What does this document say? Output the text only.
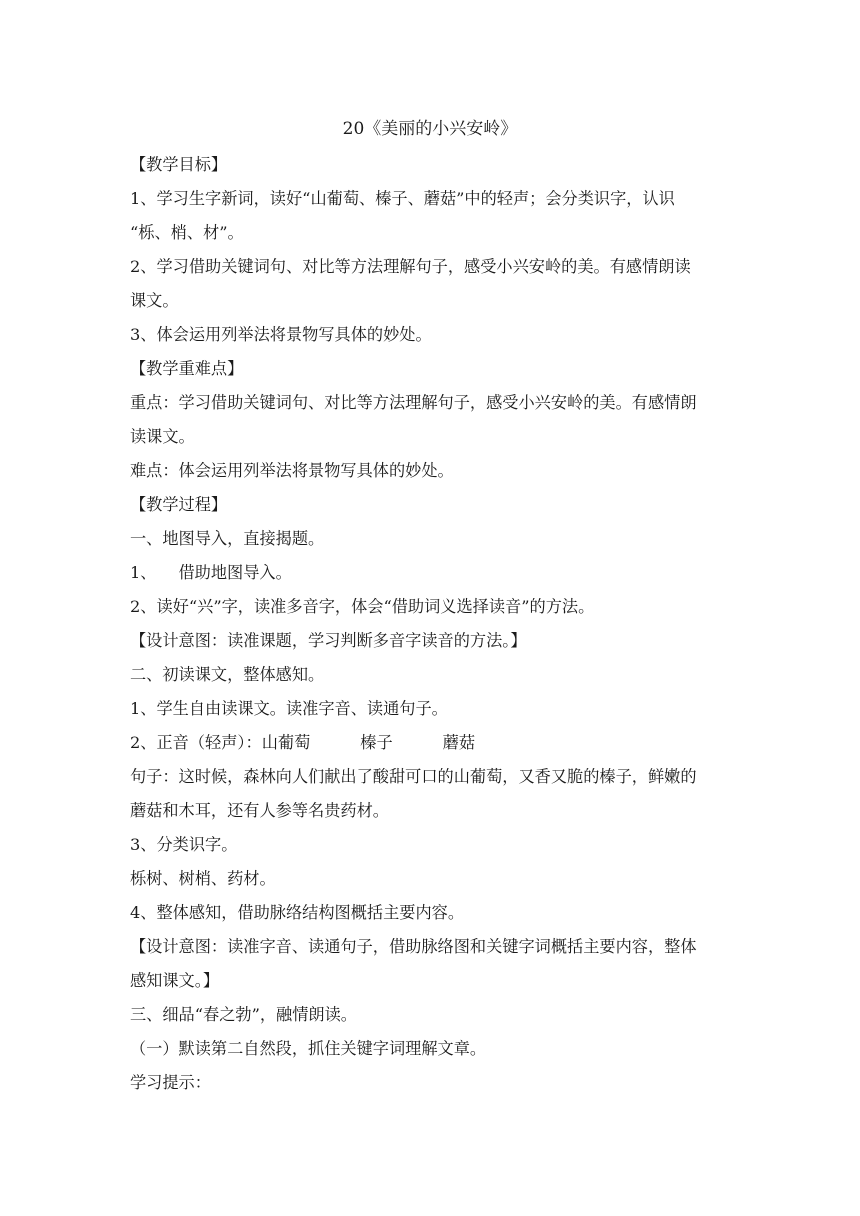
20《美丽的小兴安岭》
【教学目标】
1、学习生字新词，读好“山葡萄、榛子、蘑菇”中的轻声；会分类识字，认识
“栎、梢、材”。
2、学习借助关键词句、对比等方法理解句子，感受小兴安岭的美。有感情朗读
课文。
3、体会运用列举法将景物写具体的妙处。
【教学重难点】
重点：学习借助关键词句、对比等方法理解句子，感受小兴安岭的美。有感情朗
读课文。
难点：体会运用列举法将景物写具体的妙处。
【教学过程】
一、地图导入，直接揭题。
1、 借助地图导入。
2、读好“兴”字，读准多音字，体会“借助词义选择读音”的方法。
【设计意图：读准课题，学习判断多音字读音的方法。】
二、初读课文，整体感知。
1、学生自由读课文。读准字音、读通句子。
2、正音（轻声）：山葡萄	榛子	蘑菇
句子：这时候，森林向人们献出了酸甜可口的山葡萄，又香又脆的榛子，鲜嫩的
蘑菇和木耳，还有人参等名贵药材。
3、分类识字。
栎树、树梢、药材。
4、整体感知，借助脉络结构图概括主要内容。
【设计意图：读准字音、读通句子，借助脉络图和关键字词概括主要内容，整体
感知课文。】
三、细品“春之勃”，融情朗读。
（一）默读第二自然段，抓住关键字词理解文章。
学习提示：
